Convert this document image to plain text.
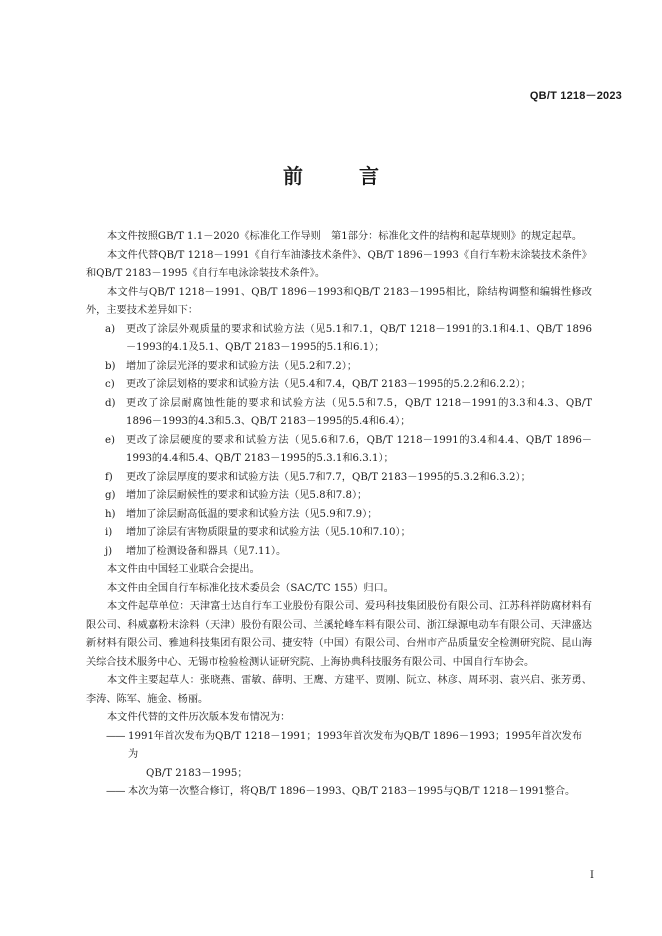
QB/T 1218－2023
前　言

本文件按照GB/T 1.1－2020《标准化工作导则　第1部分：标准化文件的结构和起草规则》的规定起草。

本文件代替QB/T 1218－1991《自行车油漆技术条件》、QB/T 1896－1993《自行车粉末涂装技术条件》和QB/T 2183－1995《自行车电泳涂装技术条件》。

本文件与QB/T 1218－1991、QB/T 1896－1993和QB/T 2183－1995相比，除结构调整和编辑性修改外，主要技术差异如下：

a)	更改了涂层外观质量的要求和试验方法（见5.1和7.1，QB/T 1218－1991的3.1和4.1、QB/T 1896－1993的4.1及5.1、QB/T 2183－1995的5.1和6.1）；
b)	增加了涂层光泽的要求和试验方法（见5.2和7.2）；
c)	更改了涂层划格的要求和试验方法（见5.4和7.4，QB/T 2183－1995的5.2.2和6.2.2）；
d)	更改了涂层耐腐蚀性能的要求和试验方法（见5.5和7.5，QB/T 1218－1991的3.3和4.3、QB/T 1896－1993的4.3和5.3、QB/T 2183－1995的5.4和6.4）；
e)	更改了涂层硬度的要求和试验方法（见5.6和7.6，QB/T 1218－1991的3.4和4.4、QB/T 1896－1993的4.4和5.4、QB/T 2183－1995的5.3.1和6.3.1）；
f)	更改了涂层厚度的要求和试验方法（见5.7和7.7，QB/T 2183－1995的5.3.2和6.3.2）；
g)	增加了涂层耐候性的要求和试验方法（见5.8和7.8）；
h)	增加了涂层耐高低温的要求和试验方法（见5.9和7.9）；
i)	增加了涂层有害物质限量的要求和试验方法（见5.10和7.10）；
j)	增加了检测设备和器具（见7.11）。

本文件由中国轻工业联合会提出。

本文件由全国自行车标准化技术委员会（SAC/TC 155）归口。

本文件起草单位：天津富士达自行车工业股份有限公司、爱玛科技集团股份有限公司、江苏科祥防腐材料有限公司、科威嘉粉末涂料（天津）股份有限公司、兰溪轮峰车料有限公司、浙江绿源电动车有限公司、天津盛达新材料有限公司、雅迪科技集团有限公司、捷安特（中国）有限公司、台州市产品质量安全检测研究院、昆山海关综合技术服务中心、无锡市检验检测认证研究院、上海协典科技服务有限公司、中国自行车协会。

本文件主要起草人：张晓燕、雷敏、薛明、王鹰、方建平、贾刚、阮立、林彦、周环羽、袁兴启、张芳勇、李涛、陈军、施金、杨丽。

本文件代替的文件历次版本发布情况为：

—— 1991年首次发布为QB/T 1218－1991；1993年首次发布为QB/T 1896－1993；1995年首次发布为
QB/T 2183－1995；
—— 本次为第一次整合修订，将QB/T 1896－1993、QB/T 2183－1995与QB/T 1218－1991整合。
I
